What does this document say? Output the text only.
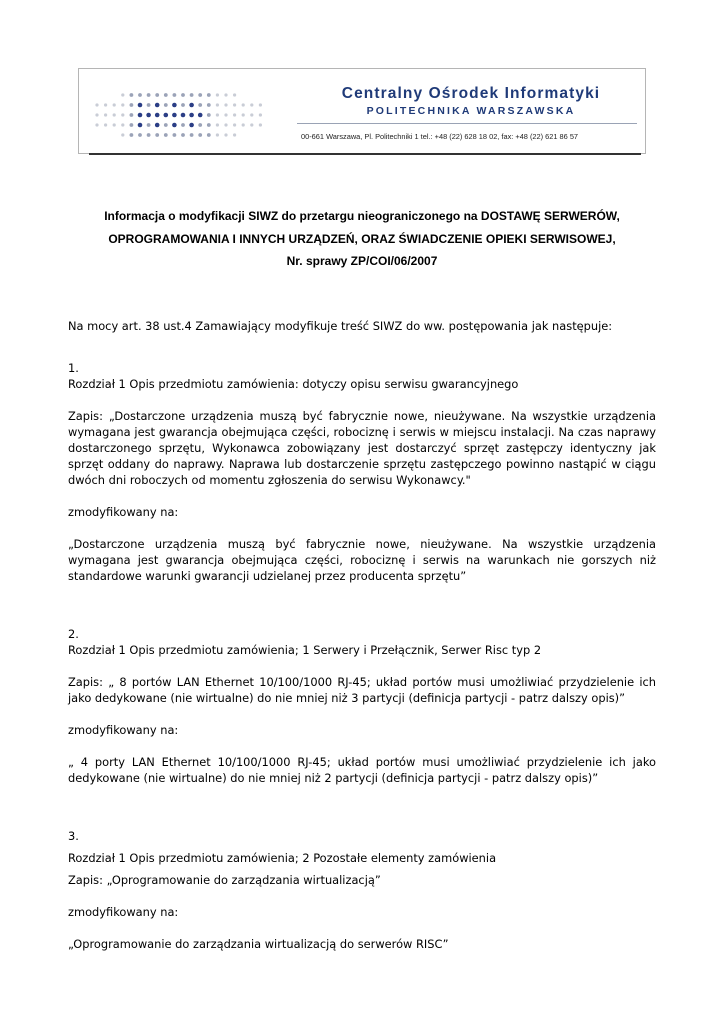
Centralny Ośrodek Informatyki
POLITECHNIKA WARSZAWSKA
00-661 Warszawa, Pl. Politechniki 1 tel.: +48 (22) 628 18 02, fax: +48 (22) 621 86 57
Informacja o modyfikacji SIWZ do przetargu nieograniczonego na DOSTAWĘ SERWERÓW,
OPROGRAMOWANIA I INNYCH URZĄDZEŃ, ORAZ ŚWIADCZENIE OPIEKI SERWISOWEJ,
Nr. sprawy ZP/COI/06/2007

Na mocy art. 38 ust.4 Zamawiający modyfikuje treść SIWZ do ww. postępowania jak następuje:

1.

Rozdział 1 Opis przedmiotu zamówienia: dotyczy opisu serwisu gwarancyjnego

Zapis: „Dostarczone urządzenia muszą być fabrycznie nowe, nieużywane. Na wszystkie urządzenia wymagana jest gwarancja obejmująca części, robociznę i serwis w miejscu instalacji. Na czas naprawy dostarczonego sprzętu, Wykonawca zobowiązany jest dostarczyć sprzęt zastępczy identyczny jak sprzęt oddany do naprawy. Naprawa lub dostarczenie sprzętu zastępczego powinno nastąpić w ciągu dwóch dni roboczych od momentu zgłoszenia do serwisu Wykonawcy."

zmodyfikowany na:

„Dostarczone urządzenia muszą być fabrycznie nowe, nieużywane. Na wszystkie urządzenia wymagana jest gwarancja obejmująca części, robociznę i serwis na warunkach nie gorszych niż standardowe warunki gwarancji udzielanej przez producenta sprzętu”

2.

Rozdział 1 Opis przedmiotu zamówienia; 1 Serwery i Przełącznik, Serwer Risc typ 2

Zapis: „ 8 portów LAN Ethernet 10/100/1000 RJ-45; układ portów musi umożliwiać przydzielenie ich jako dedykowane (nie wirtualne) do nie mniej niż 3 partycji (definicja partycji - patrz dalszy opis)”

zmodyfikowany na:

„ 4 porty LAN Ethernet 10/100/1000 RJ-45; układ portów musi umożliwiać przydzielenie ich jako dedykowane (nie wirtualne) do nie mniej niż 2 partycji (definicja partycji - patrz dalszy opis)”

3.

Rozdział 1 Opis przedmiotu zamówienia; 2 Pozostałe elementy zamówienia

Zapis: „Oprogramowanie do zarządzania wirtualizacją”

zmodyfikowany na:

„Oprogramowanie do zarządzania wirtualizacją do serwerów RISC”
